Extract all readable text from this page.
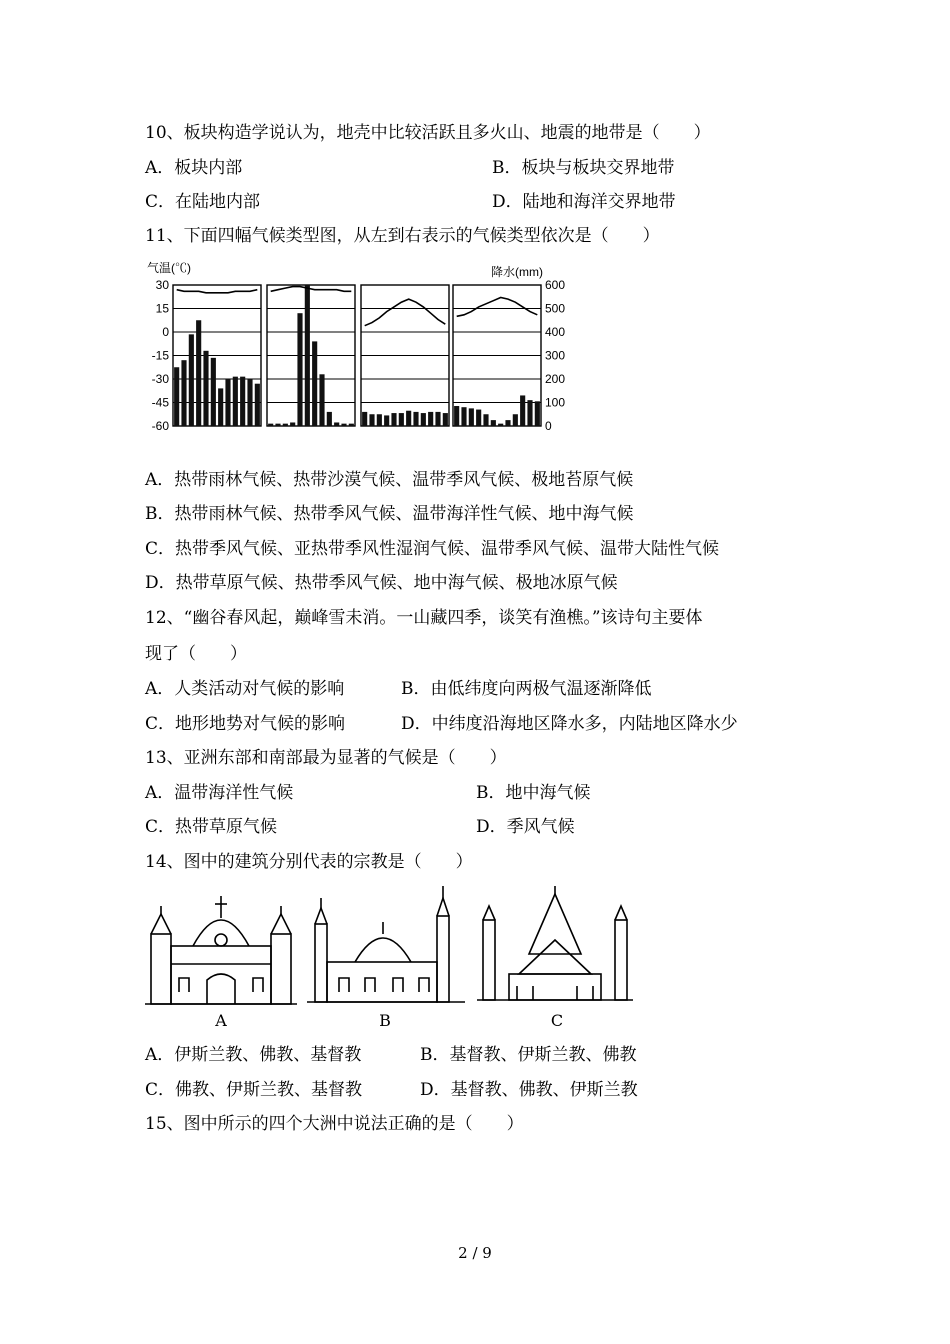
10、板块构造学说认为，地壳中比较活跃且多火山、地震的地带是（　　）
A．板块内部	B．板块与板块交界地带
C．在陆地内部	D．陆地和海洋交界地带
11、下面四幅气候类型图，从左到右表示的气候类型依次是（　　）
气温(℃)	降水(mm)
30
15
0
-15
-30
-45
-60
600
500
400
300
200
100
0
A．热带雨林气候、热带沙漠气候、温带季风气候、极地苔原气候
B．热带雨林气候、热带季风气候、温带海洋性气候、地中海气候
C．热带季风气候、亚热带季风性湿润气候、温带季风气候、温带大陆性气候
D．热带草原气候、热带季风气候、地中海气候、极地冰原气候
12、“幽谷春风起，巅峰雪未消。一山藏四季，谈笑有渔樵。”该诗句主要体
现了（　　）
A．人类活动对气候的影响	B．由低纬度向两极气温逐渐降低
C．地形地势对气候的影响	D．中纬度沿海地区降水多，内陆地区降水少
13、亚洲东部和南部最为显著的气候是（　　）
A．温带海洋性气候	B．地中海气候
C．热带草原气候	D．季风气候
14、图中的建筑分别代表的宗教是（　　）
A	B	C
A．伊斯兰教、佛教、基督教	B．基督教、伊斯兰教、佛教
C．佛教、伊斯兰教、基督教	D．基督教、佛教、伊斯兰教
15、图中所示的四个大洲中说法正确的是（　　）
2 / 9
